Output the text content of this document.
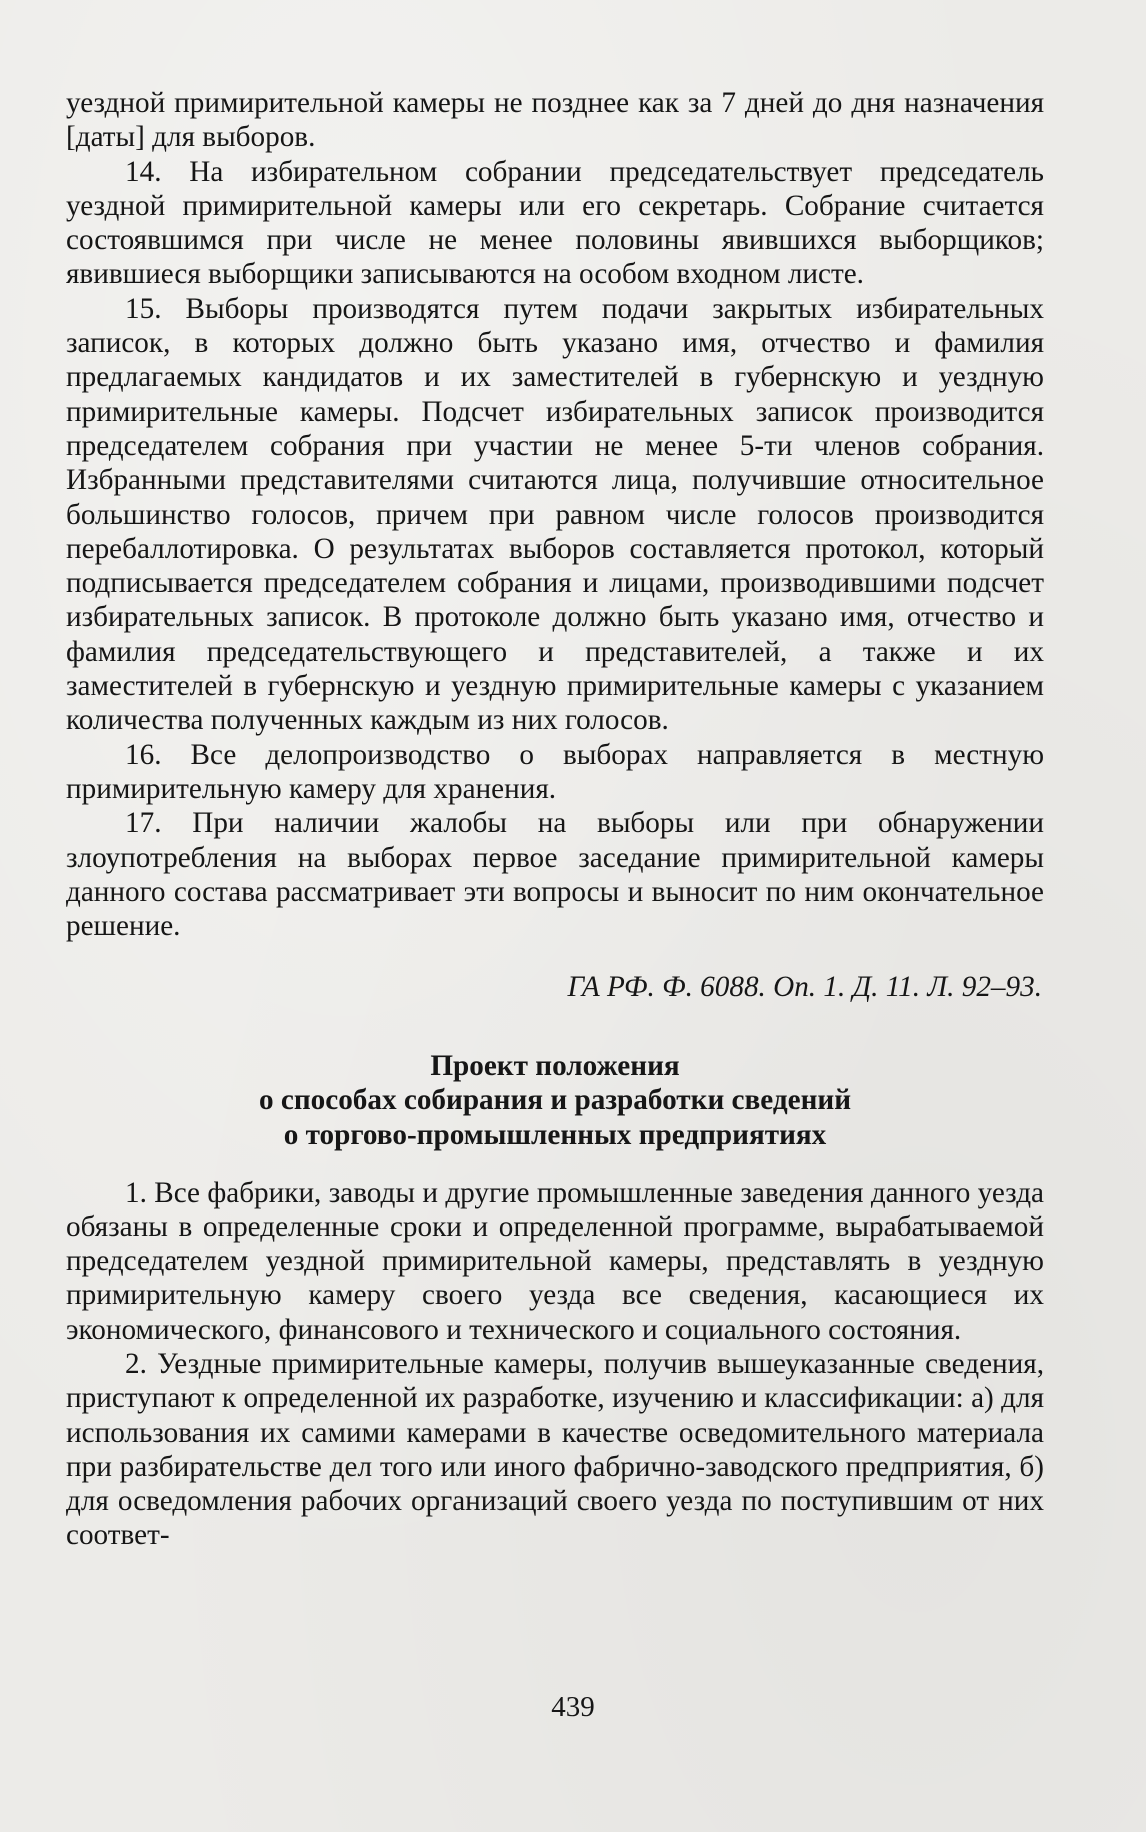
уездной примирительной камеры не позднее как за 7 дней до дня назначения [даты] для выборов.

14. На избирательном собрании председательствует председатель уездной примирительной камеры или его секретарь. Собрание считается состоявшимся при числе не менее половины явившихся выборщиков; явившиеся выборщики записываются на особом входном листе.

15. Выборы производятся путем подачи закрытых избирательных записок, в которых должно быть указано имя, отчество и фамилия предлагаемых кандидатов и их заместителей в губернскую и уездную примирительные камеры. Подсчет избирательных записок производится председателем собрания при участии не менее 5-ти членов собрания. Избранными представителями считаются лица, получившие относительное большинство голосов, причем при равном числе голосов производится перебаллотировка. О результатах выборов составляется протокол, который подписывается председателем собрания и лицами, производившими подсчет избирательных записок. В протоколе должно быть указано имя, отчество и фамилия председательствующего и представителей, а также и их заместителей в губернскую и уездную примирительные камеры с указанием количества полученных каждым из них голосов.

16. Все делопроизводство о выборах направляется в местную примирительную камеру для хранения.

17. При наличии жалобы на выборы или при обнаружении злоупотребления на выборах первое заседание примирительной камеры данного состава рассматривает эти вопросы и выносит по ним окончательное решение.

ГА РФ. Ф. 6088. Оп. 1. Д. 11. Л. 92–93.

Проект положения
о способах собирания и разработки сведений
о торгово-промышленных предприятиях

1. Все фабрики, заводы и другие промышленные заведения данного уезда обязаны в определенные сроки и определенной программе, вырабатываемой председателем уездной примирительной камеры, представлять в уездную примирительную камеру своего уезда все сведения, касающиеся их экономического, финансового и технического и социального состояния.

2. Уездные примирительные камеры, получив вышеуказанные сведения, приступают к определенной их разработке, изучению и классификации: а) для использования их самими камерами в качестве осведомительного материала при разбирательстве дел того или иного фабрично-заводского предприятия, б) для осведомления рабочих организаций своего уезда по поступившим от них соответ-

439
